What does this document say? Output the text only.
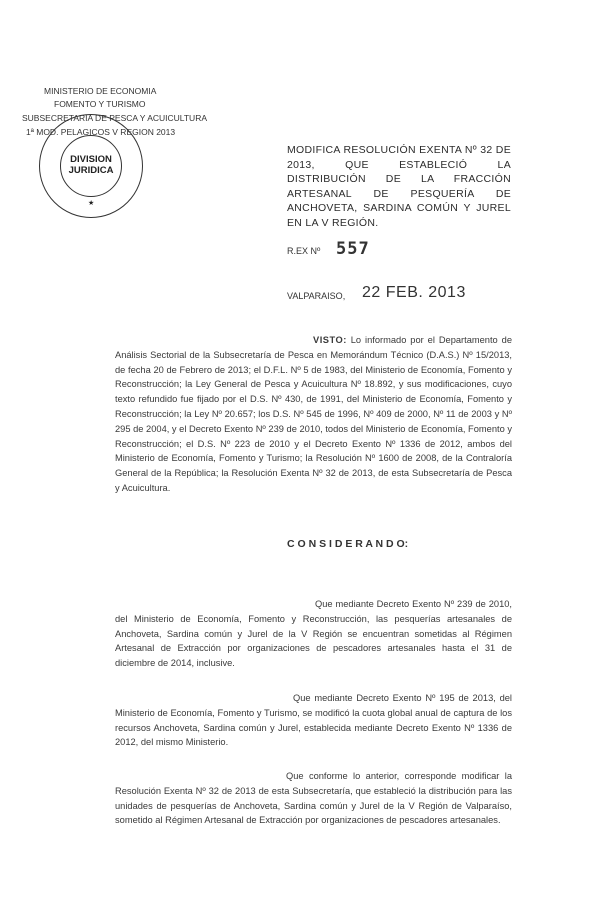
MINISTERIO DE ECONOMIA
FOMENTO Y TURISMO
SUBSECRETARIA DE PESCA Y ACUICULTURA
1ª MOD. PELAGICOS V REGION 2013
DIVISION
JURIDICA
★
MODIFICA RESOLUCIÓN EXENTA Nº 32 DE 2013, QUE ESTABLECIÓ LA DISTRIBUCIÓN DE LA FRACCIÓN ARTESANAL DE PESQUERÍA DE ANCHOVETA, SARDINA COMÚN Y JUREL EN LA V REGIÓN.
R.EX Nº 557
VALPARAISO, 22 FEB. 2013
VISTO: Lo informado por el Departamento de Análisis Sectorial de la Subsecretaría de Pesca en Memorándum Técnico (D.A.S.) Nº 15/2013, de fecha 20 de Febrero de 2013; el D.F.L. Nº 5 de 1983, del Ministerio de Economía, Fomento y Reconstrucción; la Ley General de Pesca y Acuicultura Nº 18.892, y sus modificaciones, cuyo texto refundido fue fijado por el D.S. Nº 430, de 1991, del Ministerio de Economía, Fomento y Reconstrucción; la Ley Nº 20.657; los D.S. Nº 545 de 1996, Nº 409 de 2000, Nº 11 de 2003 y Nº 295 de 2004, y el Decreto Exento Nº 239 de 2010, todos del Ministerio de Economía, Fomento y Reconstrucción; el D.S. Nº 223 de 2010 y el Decreto Exento Nº 1336 de 2012, ambos del Ministerio de Economía, Fomento y Turismo; la Resolución Nº 1600 de 2008, de la Contraloría General de la República; la Resolución Exenta Nº 32 de 2013, de esta Subsecretaría de Pesca y Acuicultura.
C O N S I D E R A N D O:
Que mediante Decreto Exento Nº 239 de 2010, del Ministerio de Economía, Fomento y Reconstrucción, las pesquerías artesanales de Anchoveta, Sardina común y Jurel de la V Región se encuentran sometidas al Régimen Artesanal de Extracción por organizaciones de pescadores artesanales hasta el 31 de diciembre de 2014, inclusive.
Que mediante Decreto Exento Nº 195 de 2013, del Ministerio de Economía, Fomento y Turismo, se modificó la cuota global anual de captura de los recursos Anchoveta, Sardina común y Jurel, establecida mediante Decreto Exento Nº 1336 de 2012, del mismo Ministerio.
Que conforme lo anterior, corresponde modificar la Resolución Exenta Nº 32 de 2013 de esta Subsecretaría, que estableció la distribución para las unidades de pesquerías de Anchoveta, Sardina común y Jurel de la V Región de Valparaíso, sometido al Régimen Artesanal de Extracción por organizaciones de pescadores artesanales.
